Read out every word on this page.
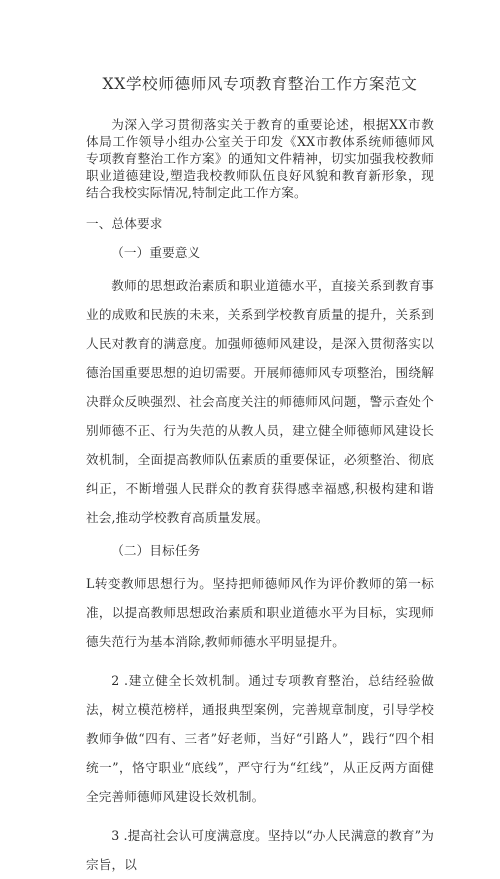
XX学校师德师风专项教育整治工作方案范文

为深入学习贯彻落实关于教育的重要论述，根据XX市教体局工作领导小组办公室关于印发《XX市教体系统师德师风专项教育整治工作方案》的通知文件精神，切实加强我校教师职业道德建设,塑造我校教师队伍良好风貌和教育新形象，现结合我校实际情况,特制定此工作方案。

一、总体要求

（一）重要意义

教师的思想政治素质和职业道德水平，直接关系到教育事业的成败和民族的未来，关系到学校教育质量的提升，关系到人民对教育的满意度。加强师德师风建设，是深入贯彻落实以德治国重要思想的迫切需要。开展师德师风专项整治，围绕解决群众反映强烈、社会高度关注的师德师风问题，警示查处个别师德不正、行为失范的从教人员，建立健全师德师风建设长效机制，全面提高教师队伍素质的重要保证，必须整治、彻底纠正，不断增强人民群众的教育获得感幸福感,积极构建和谐社会,推动学校教育高质量发展。

（二）目标任务

L转变教师思想行为。坚持把师德师风作为评价教师的第一标准，以提高教师思想政治素质和职业道德水平为目标，实现师德失范行为基本消除,教师师德水平明显提升。

2 .建立健全长效机制。通过专项教育整治，总结经验做法，树立模范榜样，通报典型案例，完善规章制度，引导学校教师争做“四有、三者”好老师，当好“引路人”，践行“四个相统一”，恪守职业“底线”，严守行为“红线”，从正反两方面健全完善师德师风建设长效机制。

3 .提高社会认可度满意度。坚持以“办人民满意的教育”为宗旨，以
